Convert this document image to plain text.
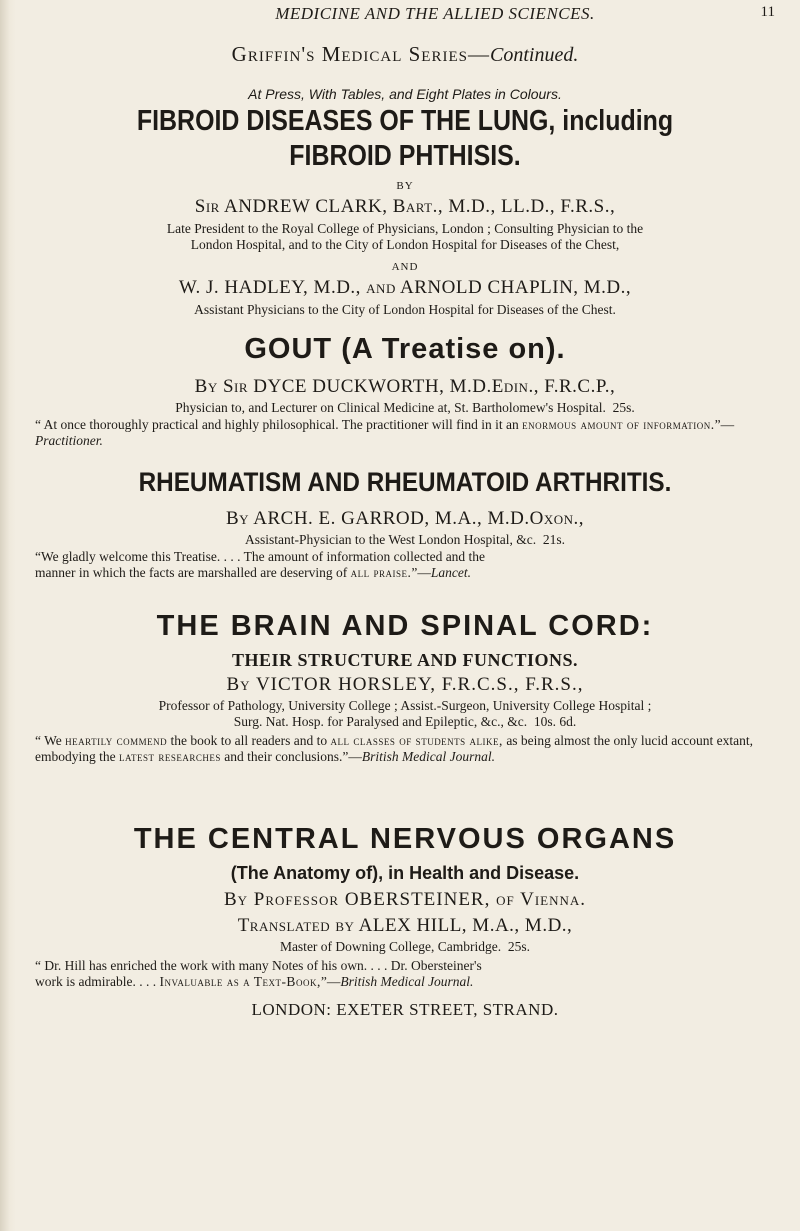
MEDICINE AND THE ALLIED SCIENCES.	11
Griffin's Medical Series—Continued.
At Press, With Tables, and Eight Plates in Colours.
FIBROID DISEASES OF THE LUNG, including
FIBROID PHTHISIS.
BY
Sir ANDREW CLARK, Bart., M.D., LL.D., F.R.S.,
Late President to the Royal College of Physicians, London ; Consulting Physician to the
London Hospital, and to the City of London Hospital for Diseases of the Chest,
AND
W. J. HADLEY, M.D., and ARNOLD CHAPLIN, M.D.,
Assistant Physicians to the City of London Hospital for Diseases of the Chest.
GOUT (A Treatise on).
By Sir DYCE DUCKWORTH, M.D.Edin., F.R.C.P.,
Physician to, and Lecturer on Clinical Medicine at, St. Bartholomew's Hospital. 25s.
“ At once thoroughly practical and highly philosophical. The practitioner will find in it an enormous amount of information.”—Practitioner.
RHEUMATISM AND RHEUMATOID ARTHRITIS.
By ARCH. E. GARROD, M.A., M.D.Oxon.,
Assistant-Physician to the West London Hospital, &c. 21s.
“We gladly welcome this Treatise. . . . The amount of information collected and the
manner in which the facts are marshalled are deserving of all praise.”—Lancet.
THE BRAIN AND SPINAL CORD:
THEIR STRUCTURE AND FUNCTIONS.
By VICTOR HORSLEY, F.R.C.S., F.R.S.,
Professor of Pathology, University College ; Assist.-Surgeon, University College Hospital ;
Surg. Nat. Hosp. for Paralysed and Epileptic, &c., &c. 10s. 6d.
“ We heartily commend the book to all readers and to all classes of students alike, as being almost the only lucid account extant, embodying the latest researches and their conclusions.”—British Medical Journal.
THE CENTRAL NERVOUS ORGANS
(The Anatomy of), in Health and Disease.
By Professor OBERSTEINER, of Vienna.
Translated by ALEX HILL, M.A., M.D.,
Master of Downing College, Cambridge. 25s.
“ Dr. Hill has enriched the work with many Notes of his own. . . . Dr. Obersteiner's
work is admirable. . . . Invaluable as a Text-Book,”—British Medical Journal.
LONDON: EXETER STREET, STRAND.
